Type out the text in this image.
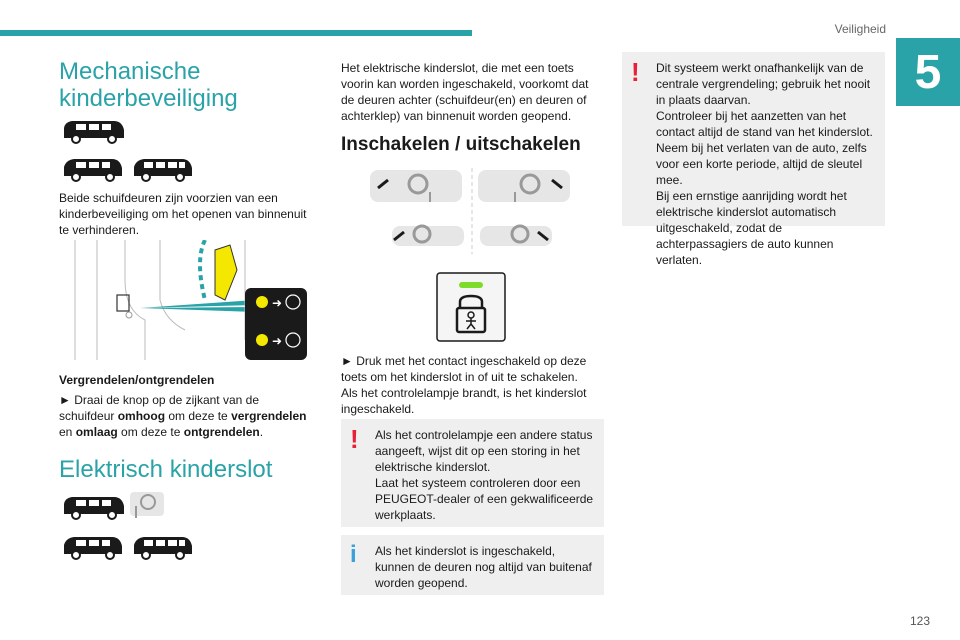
Veiligheid
5
123
Mechanische kinderbeveiliging
Beide schuifdeuren zijn voorzien van een kinderbeveiliging om het openen van binnenuit te verhinderen.
➜
➜
Vergrendelen/ontgrendelen
► Draai de knop op de zijkant van de schuifdeur omhoog om deze te vergrendelen en omlaag om deze te ontgrendelen.
Elektrisch kinderslot
Het elektrische kinderslot, die met een toets voorin kan worden ingeschakeld, voorkomt dat de deuren achter (schuifdeur(en) en deuren of achterklep) van binnenuit worden geopend.
Inschakelen / uitschakelen
► Druk met het contact ingeschakeld op deze toets om het kinderslot in of uit te schakelen.
Als het controlelampje brandt, is het kinderslot ingeschakeld.
!	Als het controlelampje een andere status aangeeft, wijst dit op een storing in het elektrische kinderslot.
Laat het systeem controleren door een PEUGEOT-dealer of een gekwalificeerde werkplaats.
i	Als het kinderslot is ingeschakeld, kunnen de deuren nog altijd van buitenaf worden geopend.
!	Dit systeem werkt onafhankelijk van de centrale vergrendeling; gebruik het nooit in plaats daarvan.
Controleer bij het aanzetten van het contact altijd de stand van het kinderslot.
Neem bij het verlaten van de auto, zelfs voor een korte periode, altijd de sleutel mee.
Bij een ernstige aanrijding wordt het elektrische kinderslot automatisch uitgeschakeld, zodat de achterpassagiers de auto kunnen verlaten.
